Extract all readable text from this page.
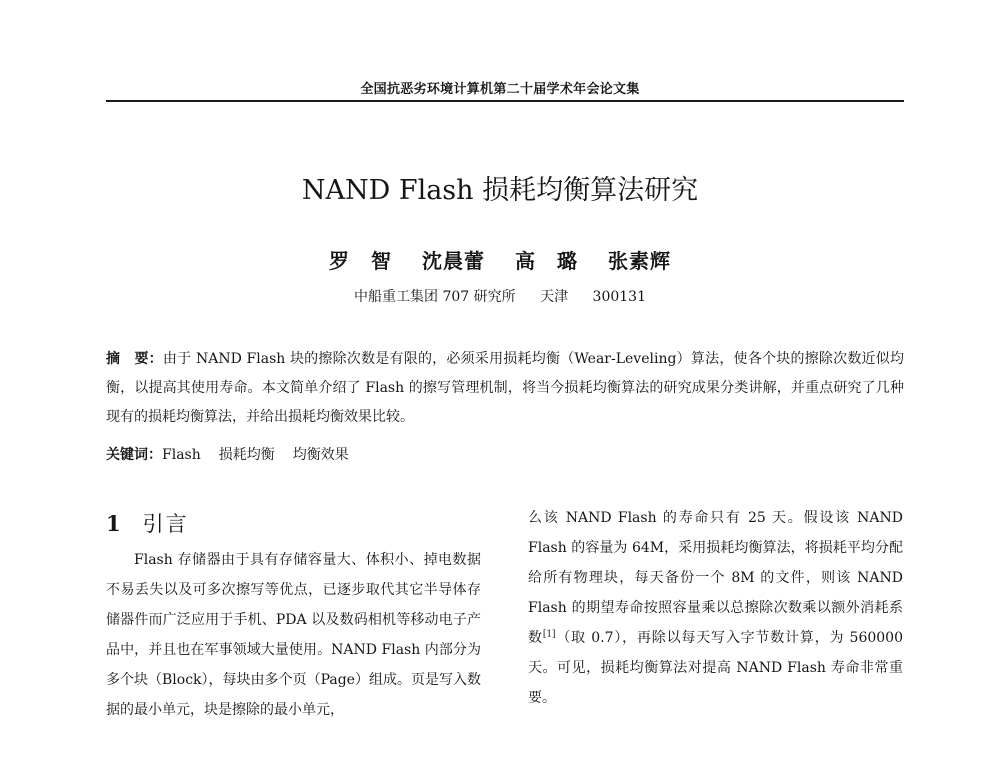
全国抗恶劣环境计算机第二十届学术年会论文集
NAND Flash 损耗均衡算法研究
罗　智 沈晨蕾 高　璐 张素辉
中船重工集团 707 研究所 天津 300131
摘　要：由于 NAND Flash 块的擦除次数是有限的，必须采用损耗均衡（Wear-Leveling）算法，使各个块的擦除次数近似均衡，以提高其使用寿命。本文简单介绍了 Flash 的擦写管理机制，将当今损耗均衡算法的研究成果分类讲解，并重点研究了几种现有的损耗均衡算法，并给出损耗均衡效果比较。
关键词：Flash 损耗均衡 均衡效果
1 引言

Flash 存储器由于具有存储容量大、体积小、掉电数据不易丢失以及可多次擦写等优点，已逐步取代其它半导体存储器件而广泛应用于手机、PDA 以及数码相机等移动电子产品中，并且也在军事领域大量使用。NAND Flash 内部分为多个块（Block），每块由多个页（Page）组成。页是写入数据的最小单元，块是擦除的最小单元，

么该 NAND Flash 的寿命只有 25 天。假设该 NAND Flash 的容量为 64M，采用损耗均衡算法，将损耗平均分配给所有物理块，每天备份一个 8M 的文件，则该 NAND Flash 的期望寿命按照容量乘以总擦除次数乘以额外消耗系数[1]（取 0.7），再除以每天写入字节数计算，为 560000 天。可见，损耗均衡算法对提高 NAND Flash 寿命非常重要。
